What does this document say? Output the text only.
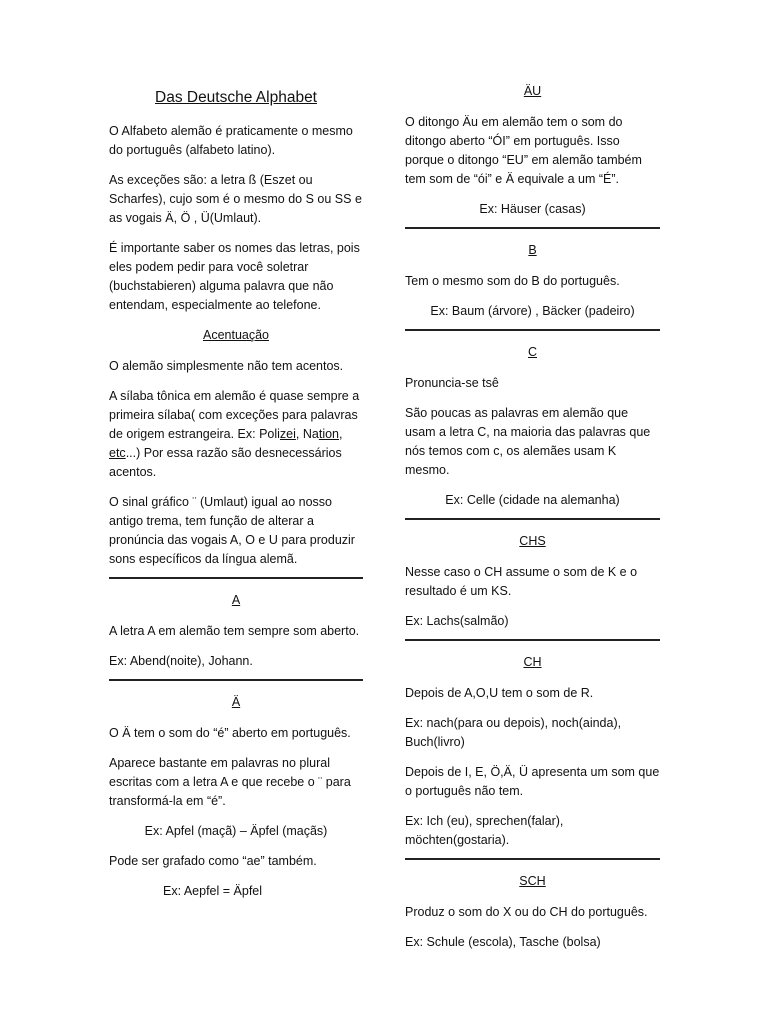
Das Deutsche Alphabet

O Alfabeto alemão é praticamente o mesmo do português (alfabeto latino).

As exceções são: a letra ß (Eszet ou Scharfes), cujo som é o mesmo do S ou SS e as vogais Ä, Ö , Ü(Umlaut).

É importante saber os nomes das letras, pois eles podem pedir para você soletrar (buchstabieren) alguma palavra que não entendam, especialmente ao telefone.

Acentuação

O alemão simplesmente não tem acentos.

A sílaba tônica em alemão é quase sempre a primeira sílaba( com exceções para palavras de origem estrangeira. Ex: Polizei, Nation, etc...) Por essa razão são desnecessários acentos.

O sinal gráfico ¨ (Umlaut) igual ao nosso antigo trema, tem função de alterar a pronúncia das vogais A, O e U para produzir sons específicos da língua alemã.

A

A letra A em alemão tem sempre som aberto.

Ex: Abend(noite), Johann.

Ä

O Ä tem o som do “é” aberto em português.

Aparece bastante em palavras no plural escritas com a letra A e que recebe o ¨ para transformá-la em “é”.

Ex: Apfel (maçã) – Äpfel (maçãs)

Pode ser grafado como “ae” também.

Ex: Aepfel = Äpfel

ÄU

O ditongo Äu em alemão tem o som do ditongo aberto “ÓI” em português. Isso porque o ditongo “EU” em alemão também tem som de “ói” e Ä equivale a um “É”.

Ex: Häuser (casas)

B

Tem o mesmo som do B do português.

Ex: Baum (árvore) , Bäcker (padeiro)

C

Pronuncia-se tsê

São poucas as palavras em alemão que usam a letra C, na maioria das palavras que nós temos com c, os alemães usam K mesmo.

Ex: Celle (cidade na alemanha)

CHS

Nesse caso o CH assume o som de K e o resultado é um KS.

Ex: Lachs(salmão)

CH

Depois de A,O,U tem o som de R.

Ex: nach(para ou depois), noch(ainda), Buch(livro)

Depois de I, E, Ö,Ä, Ü apresenta um som que o português não tem.

Ex: Ich (eu), sprechen(falar), möchten(gostaria).

SCH

Produz o som do X ou do CH do português.

Ex: Schule (escola), Tasche (bolsa)
